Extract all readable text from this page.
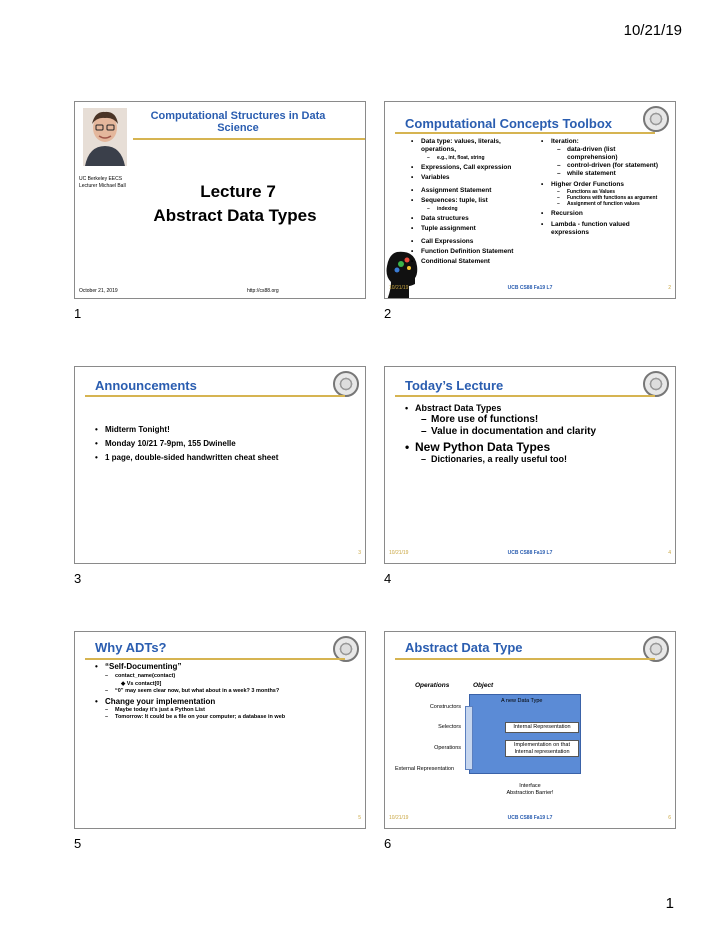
10/21/19
Computational Structures in Data Science
UC Berkeley EECS
Lecturer Michael Ball	Lecture 7
Abstract Data Types
October 21, 2019	http://cs88.org
1
Computational Concepts Toolbox
• Data type: values, literals, operations,
– e.g., int, float, string
• Expressions, Call expression
• Variables
• Assignment Statement
• Sequences: tuple, list
– indexing
• Data structures
• Tuple assignment
• Call Expressions
• Function Definition Statement
• Conditional Statement
• Iteration:
– data-driven (list comprehension)
– control-driven (for statement)
– while statement
• Higher Order Functions
– Functions as Values
– Functions with functions as argument
– Assignment of function values
• Recursion
• Lambda - function valued expressions
10/21/19	UCB CS88 Fa19 L7	2
2
Announcements
• Midterm Tonight!
• Monday 10/21 7-9pm, 155 Dwinelle
• 1 page, double-sided handwritten cheat sheet
3
3
Today’s Lecture
• Abstract Data Types
– More use of functions!
– Value in documentation and clarity
• New Python Data Types
– Dictionaries, a really useful too!
10/21/19	UCB CS88 Fa19 L7	4
4
Why ADTs?
• “Self-Documenting”
– contact_name(contact)
◆ Vs contact[0]
– “0” may seem clear now, but what about in a week? 3 months?
• Change your implementation
– Maybe today it’s just a Python List
– Tomorrow: It could be a file on your computer; a database in web
5
5
Abstract Data Type
Operations	Object
A new Data Type
Constructors
Selectors
Operations
External Representation
Internal Representation
Implementation on that Internal representation
Interface
Abstraction Barrier!
10/21/19	UCB CS88 Fa19 L7	6
6
1
